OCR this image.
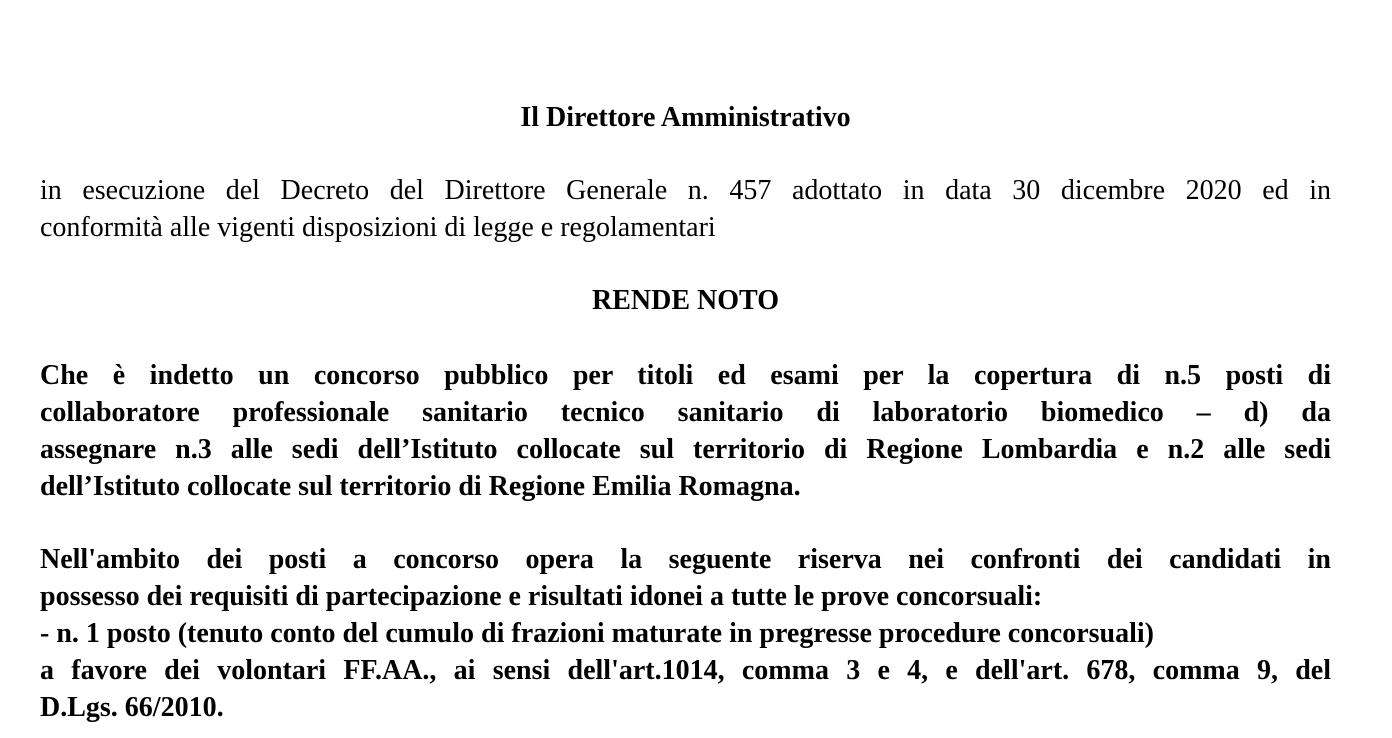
Il Direttore Amministrativo
in esecuzione del Decreto del Direttore Generale n. 457 adottato in data 30 dicembre 2020 ed in
conformità alle vigenti disposizioni di legge e regolamentari
RENDE NOTO
Che è indetto un concorso pubblico per titoli ed esami per la copertura di n.5 posti di
collaboratore professionale sanitario tecnico sanitario di laboratorio biomedico – d) da
assegnare n.3 alle sedi dell’Istituto collocate sul territorio di Regione Lombardia e n.2 alle sedi
dell’Istituto collocate sul territorio di Regione Emilia Romagna.
Nell'ambito dei posti a concorso opera la seguente riserva nei confronti dei candidati in
possesso dei requisiti di partecipazione e risultati idonei a tutte le prove concorsuali:
- n. 1 posto (tenuto conto del cumulo di frazioni maturate in pregresse procedure concorsuali)
a favore dei volontari FF.AA., ai sensi dell'art.1014, comma 3 e 4, e dell'art. 678, comma 9, del
D.Lgs. 66/2010.
